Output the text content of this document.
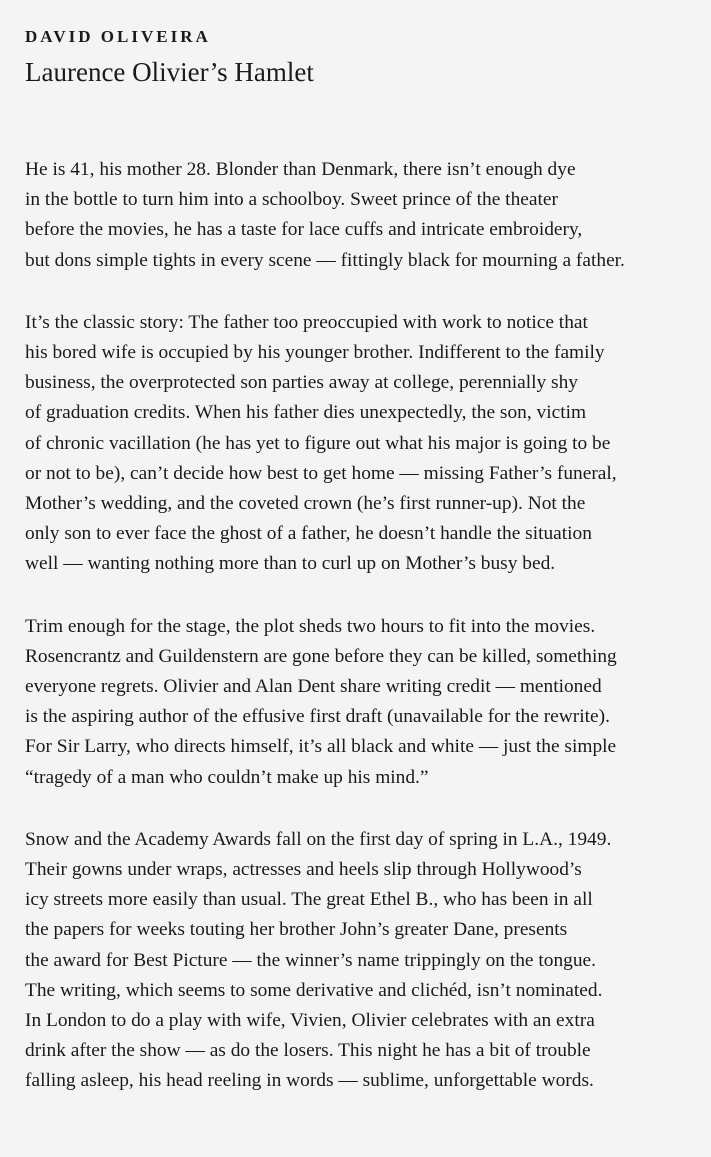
DAVID OLIVEIRA
Laurence Olivier’s Hamlet

He is 41, his mother 28. Blonder than Denmark, there isn’t enough dye
in the bottle to turn him into a schoolboy. Sweet prince of the theater
before the movies, he has a taste for lace cuffs and intricate embroidery,
but dons simple tights in every scene — fittingly black for mourning a father.

It’s the classic story: The father too preoccupied with work to notice that
his bored wife is occupied by his younger brother. Indifferent to the family
business, the overprotected son parties away at college, perennially shy
of graduation credits. When his father dies unexpectedly, the son, victim
of chronic vacillation (he has yet to figure out what his major is going to be
or not to be), can’t decide how best to get home — missing Father’s funeral,
Mother’s wedding, and the coveted crown (he’s first runner-up). Not the
only son to ever face the ghost of a father, he doesn’t handle the situation
well — wanting nothing more than to curl up on Mother’s busy bed.

Trim enough for the stage, the plot sheds two hours to fit into the movies.
Rosencrantz and Guildenstern are gone before they can be killed, something
everyone regrets. Olivier and Alan Dent share writing credit — mentioned
is the aspiring author of the effusive first draft (unavailable for the rewrite).
For Sir Larry, who directs himself, it’s all black and white — just the simple
“tragedy of a man who couldn’t make up his mind.”

Snow and the Academy Awards fall on the first day of spring in L.A., 1949.
Their gowns under wraps, actresses and heels slip through Hollywood’s
icy streets more easily than usual. The great Ethel B., who has been in all
the papers for weeks touting her brother John’s greater Dane, presents
the award for Best Picture — the winner’s name trippingly on the tongue.
The writing, which seems to some derivative and clichéd, isn’t nominated.
In London to do a play with wife, Vivien, Olivier celebrates with an extra
drink after the show — as do the losers. This night he has a bit of trouble
falling asleep, his head reeling in words — sublime, unforgettable words.
